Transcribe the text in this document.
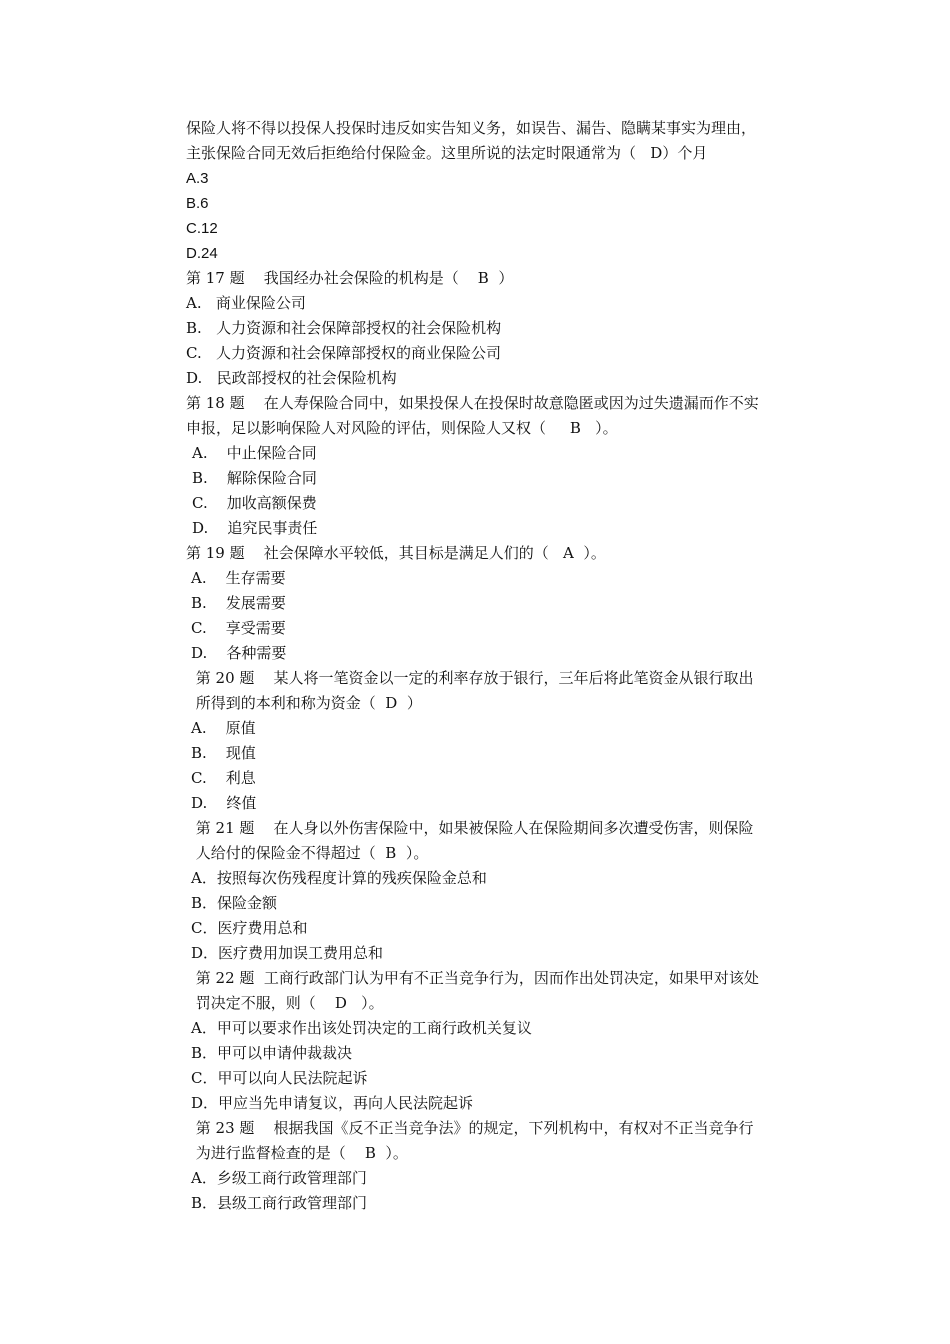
保险人将不得以投保人投保时违反如实告知义务，如误告、漏告、隐瞒某事实为理由，
主张保险合同无效后拒绝给付保险金。这里所说的法定时限通常为（   D）个月
A.3
B.6
C.12
D.24
第 17 题    我国经办社会保险的机构是（    B  ）
A.   商业保险公司
B.   人力资源和社会保障部授权的社会保险机构
C.   人力资源和社会保障部授权的商业保险公司
D.   民政部授权的社会保险机构
第 18 题    在人寿保险合同中，如果投保人在投保时故意隐匿或因为过失遗漏而作不实
申报，足以影响保险人对风险的评估，则保险人又权（     B   ）。
A.    中止保险合同
B.    解除保险合同
C.    加收高额保费
D.    追究民事责任
第 19 题    社会保障水平较低，其目标是满足人们的（   A  ）。
A.    生存需要
B.    发展需要
C.    享受需要
D.    各种需要
第 20 题    某人将一笔资金以一定的利率存放于银行，三年后将此笔资金从银行取出
所得到的本利和称为资金（  D  ）
A.    原值
B.    现值
C.    利息
D.    终值
第 21 题    在人身以外伤害保险中，如果被保险人在保险期间多次遭受伤害，则保险
人给付的保险金不得超过（  B  ）。
A．按照每次伤残程度计算的残疾保险金总和
B．保险金额
C．医疗费用总和
D．医疗费用加误工费用总和
第 22 题  工商行政部门认为甲有不正当竞争行为，因而作出处罚决定，如果甲对该处
罚决定不服，则（    D   ）。
A．甲可以要求作出该处罚决定的工商行政机关复议
B．甲可以申请仲裁裁决
C．甲可以向人民法院起诉
D．甲应当先申请复议，再向人民法院起诉
第 23 题    根据我国《反不正当竞争法》的规定，下列机构中，有权对不正当竞争行
为进行监督检查的是（    B  ）。
A．乡级工商行政管理部门
B．县级工商行政管理部门
